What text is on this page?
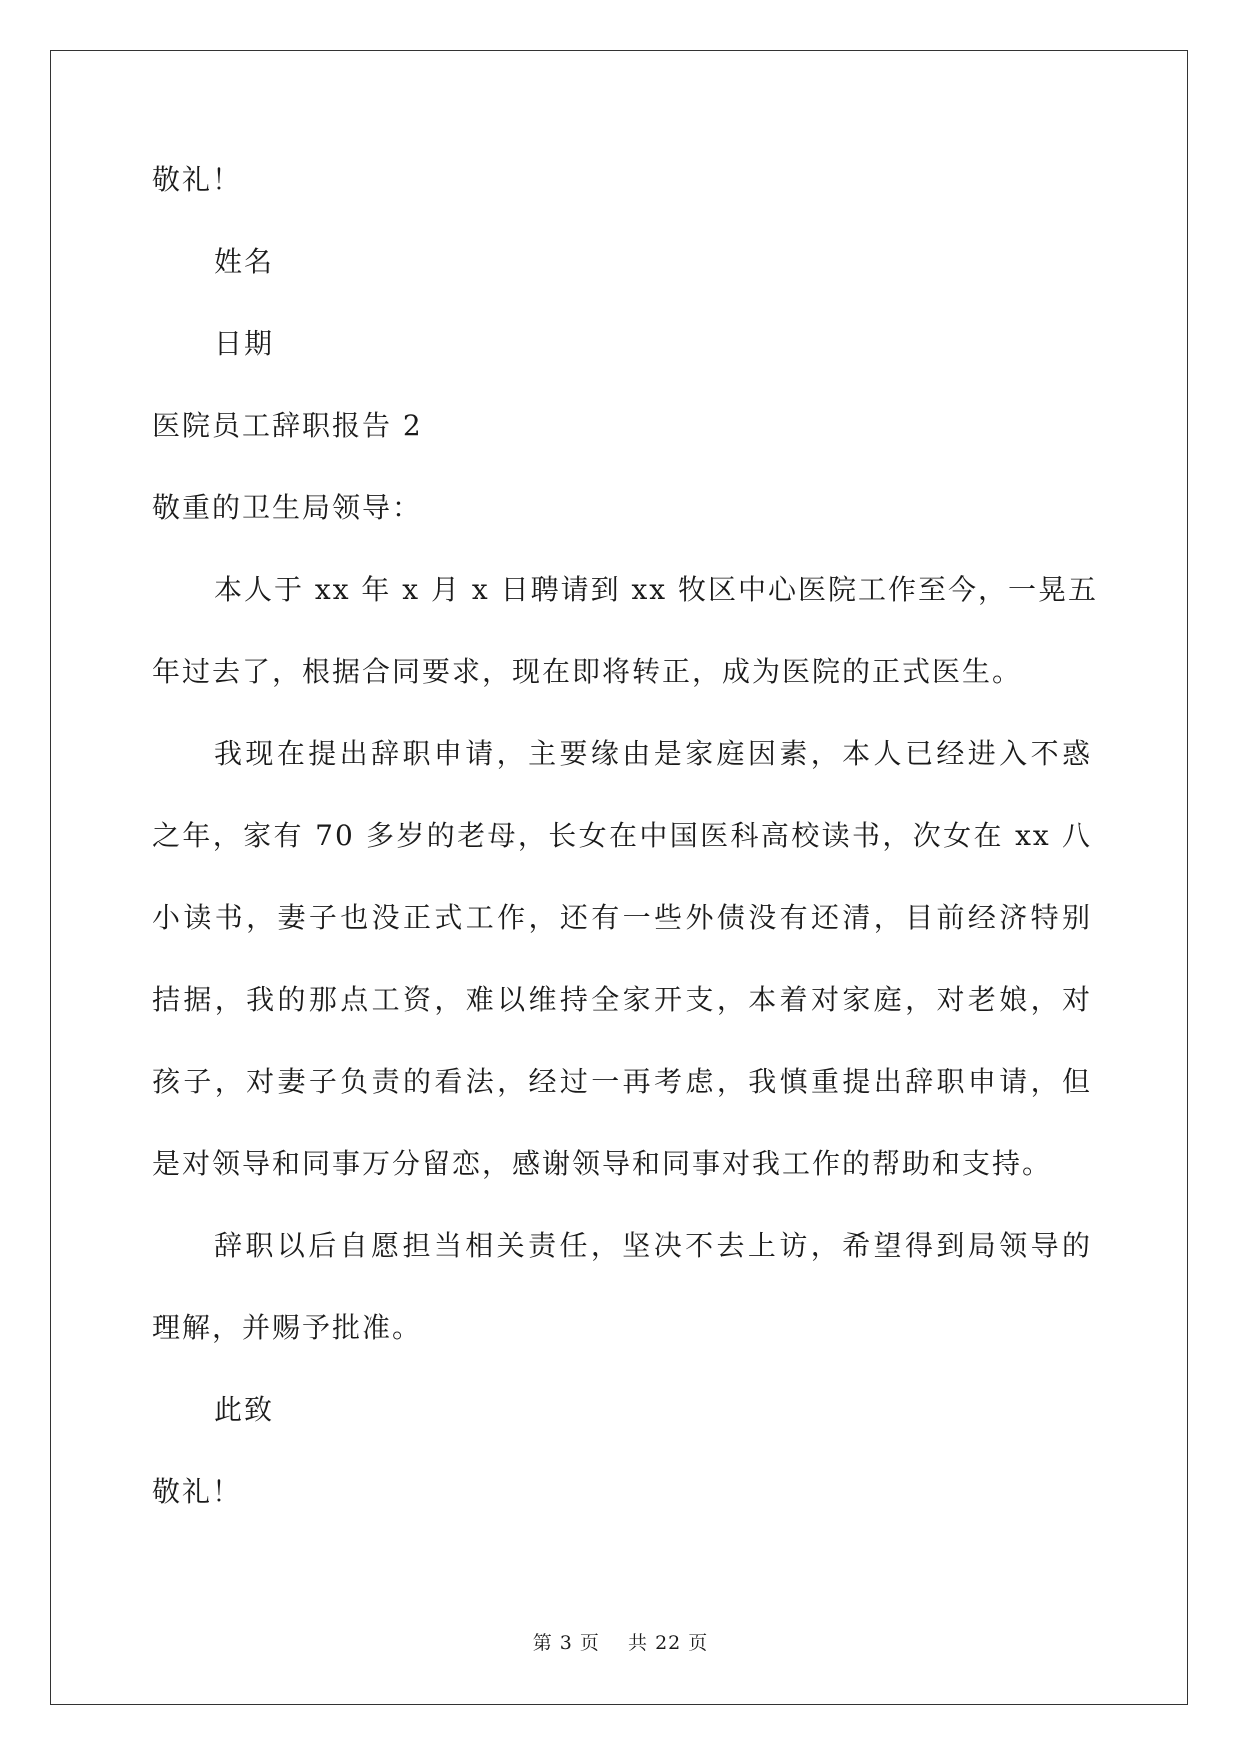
敬礼！
姓名
日期
医院员工辞职报告 2
敬重的卫生局领导：
本人于 xx 年 x 月 x 日聘请到 xx 牧区中心医院工作至今，一晃五
年过去了，根据合同要求，现在即将转正，成为医院的正式医生。
我现在提出辞职申请，主要缘由是家庭因素，本人已经进入不惑
之年，家有 70 多岁的老母，长女在中国医科高校读书，次女在 xx 八
小读书，妻子也没正式工作，还有一些外债没有还清，目前经济特别
拮据，我的那点工资，难以维持全家开支，本着对家庭，对老娘，对
孩子，对妻子负责的看法，经过一再考虑，我慎重提出辞职申请，但
是对领导和同事万分留恋，感谢领导和同事对我工作的帮助和支持。
辞职以后自愿担当相关责任，坚决不去上访，希望得到局领导的
理解，并赐予批准。
此致
敬礼！
第 3 页    共 22 页
